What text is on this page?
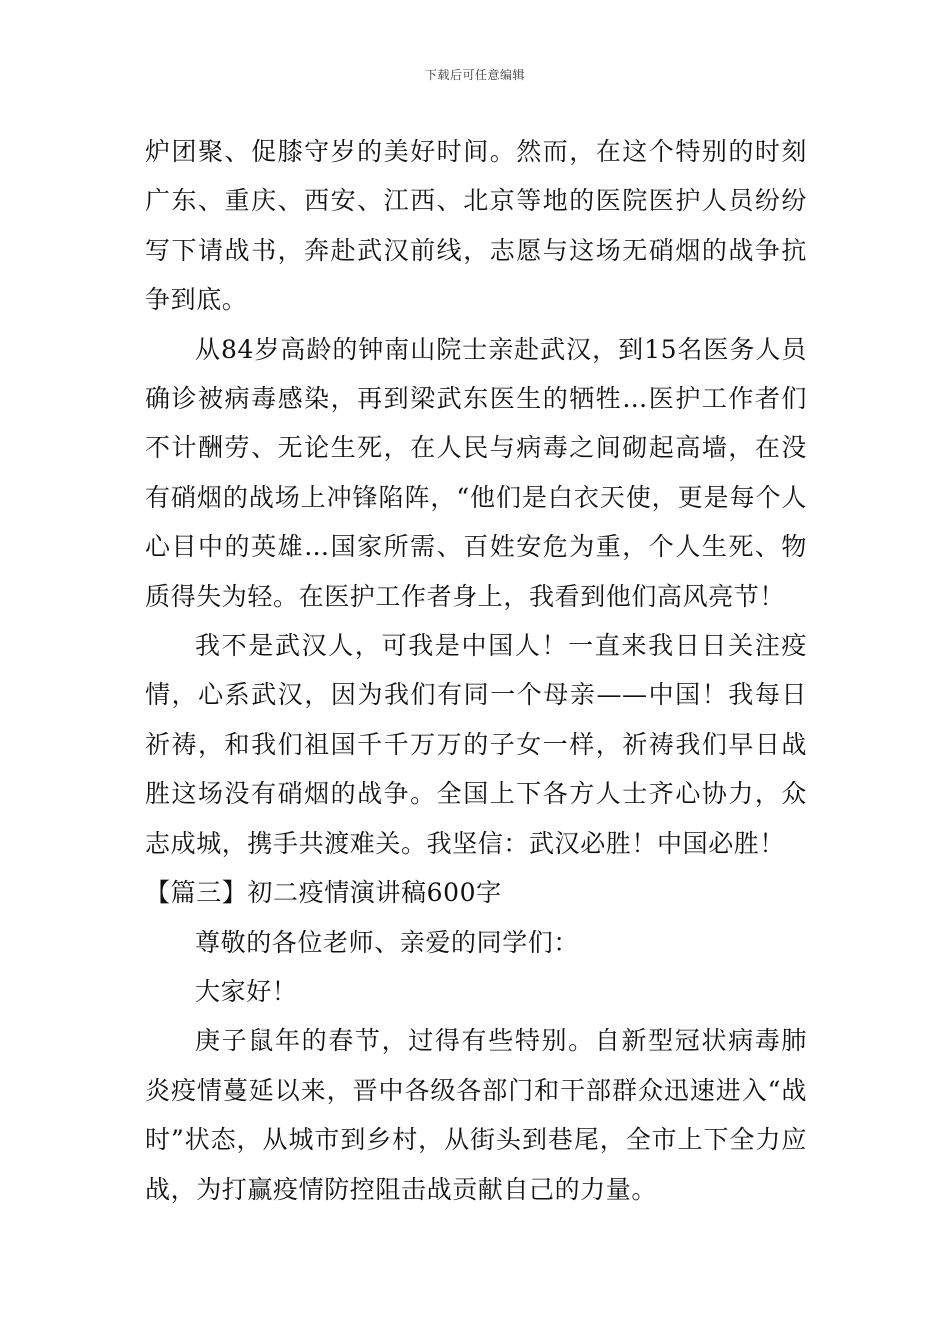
下载后可任意编辑

炉团聚、促膝守岁的美好时间。然而，在这个特别的时刻广东、重庆、西安、江西、北京等地的医院医护人员纷纷写下请战书，奔赴武汉前线，志愿与这场无硝烟的战争抗争到底。

从84岁高龄的钟南山院士亲赴武汉，到15名医务人员确诊被病毒感染，再到梁武东医生的牺牲…医护工作者们不计酬劳、无论生死，在人民与病毒之间砌起高墙，在没有硝烟的战场上冲锋陷阵，“他们是白衣天使，更是每个人心目中的英雄…国家所需、百姓安危为重，个人生死、物质得失为轻。在医护工作者身上，我看到他们高风亮节！

我不是武汉人，可我是中国人！一直来我日日关注疫情，心系武汉，因为我们有同一个母亲——中国！我每日祈祷，和我们祖国千千万万的子女一样，祈祷我们早日战胜这场没有硝烟的战争。全国上下各方人士齐心协力，众志成城，携手共渡难关。我坚信：武汉必胜！中国必胜！

【篇三】初二疫情演讲稿600字

尊敬的各位老师、亲爱的同学们：

大家好！

庚子鼠年的春节，过得有些特别。自新型冠状病毒肺炎疫情蔓延以来，晋中各级各部门和干部群众迅速进入“战时”状态，从城市到乡村，从街头到巷尾，全市上下全力应战，为打赢疫情防控阻击战贡献自己的力量。
